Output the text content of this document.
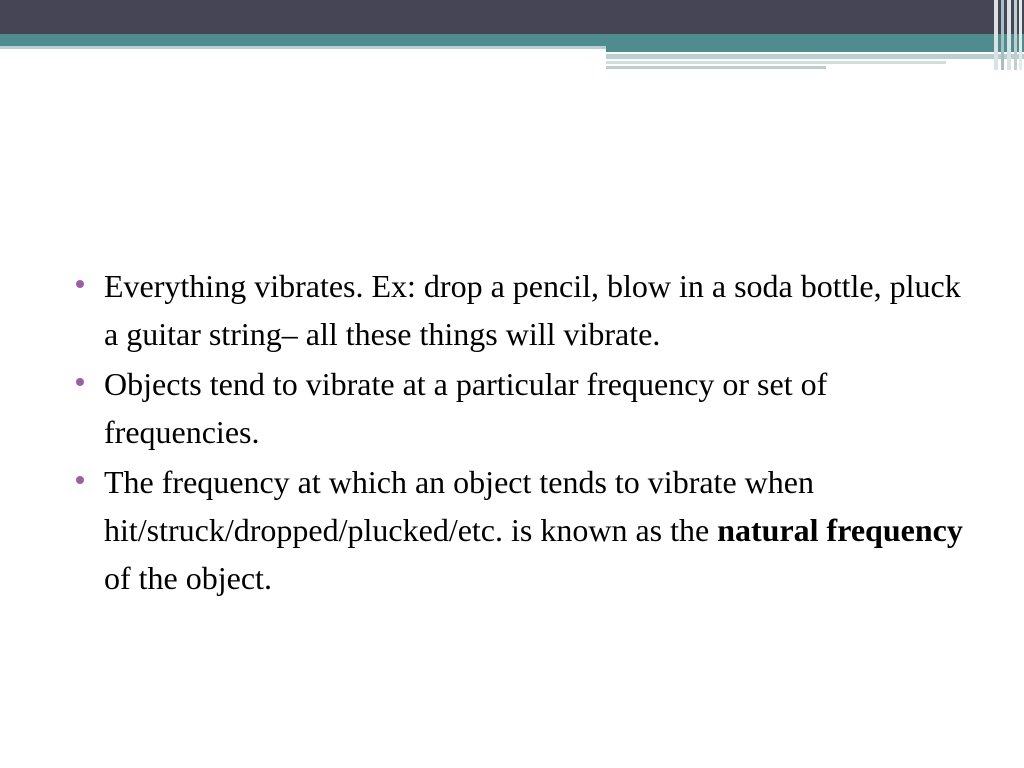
Everything vibrates. Ex: drop a pencil, blow in a soda bottle, pluck a guitar string– all these things will vibrate.
Objects tend to vibrate at a particular frequency or set of frequencies.
The frequency at which an object tends to vibrate when hit/struck/dropped/plucked/etc. is known as the natural frequency of the object.
